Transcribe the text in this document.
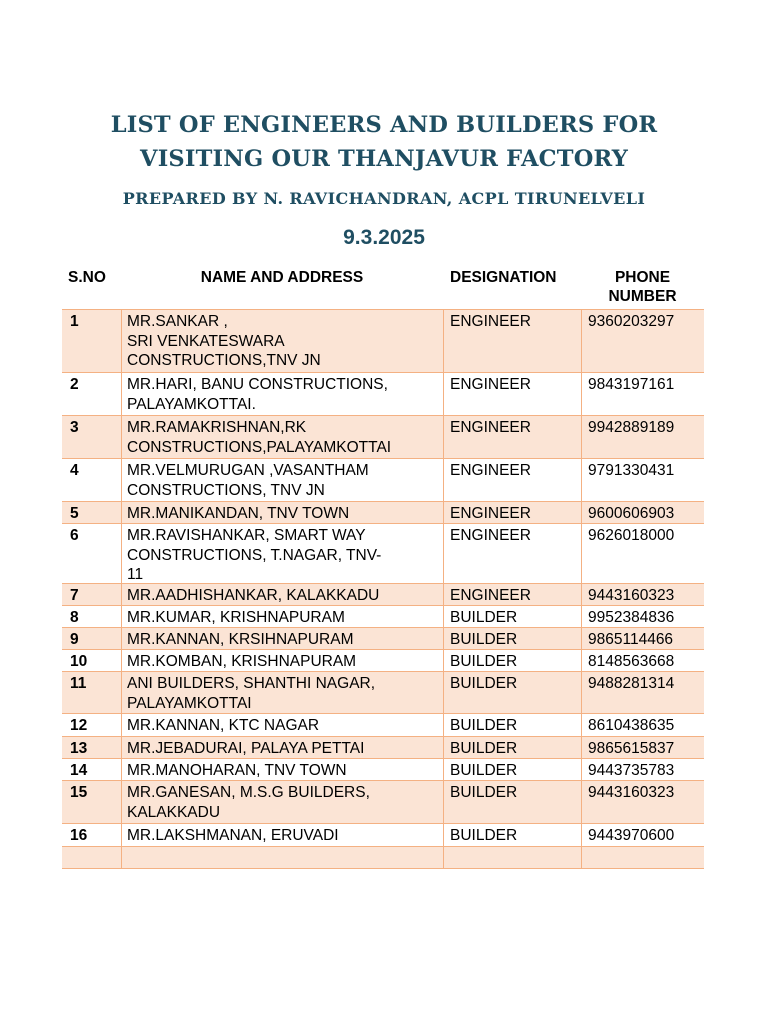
LIST OF ENGINEERS AND BUILDERS FOR
VISITING OUR THANJAVUR FACTORY
PREPARED BY N. RAVICHANDRAN, ACPL TIRUNELVELI
9.3.2025
S.NO	NAME AND ADDRESS	DESIGNATION	PHONE
NUMBER
1	MR.SANKAR ,
SRI VENKATESWARA
CONSTRUCTIONS,TNV JN
ENGINEER	9360203297
2	MR.HARI, BANU CONSTRUCTIONS,
PALAYAMKOTTAI.
ENGINEER	9843197161
3	MR.RAMAKRISHNAN,RK
CONSTRUCTIONS,PALAYAMKOTTAI
ENGINEER	9942889189
4	MR.VELMURUGAN ,VASANTHAM
CONSTRUCTIONS, TNV JN
ENGINEER	9791330431
5	MR.MANIKANDAN, TNV TOWN	ENGINEER	9600606903
6	MR.RAVISHANKAR, SMART WAY
CONSTRUCTIONS, T.NAGAR, TNV-
11
ENGINEER	9626018000
7	MR.AADHISHANKAR, KALAKKADU	ENGINEER	9443160323
8	MR.KUMAR, KRISHNAPURAM	BUILDER	9952384836
9	MR.KANNAN, KRSIHNAPURAM	BUILDER	9865114466
10	MR.KOMBAN, KRISHNAPURAM	BUILDER	8148563668
11	ANI BUILDERS, SHANTHI NAGAR,
PALAYAMKOTTAI
BUILDER	9488281314
12	MR.KANNAN, KTC NAGAR	BUILDER	8610438635
13	MR.JEBADURAI, PALAYA PETTAI	BUILDER	9865615837
14	MR.MANOHARAN, TNV TOWN	BUILDER	9443735783
15	MR.GANESAN, M.S.G BUILDERS,
KALAKKADU
BUILDER	9443160323
16	MR.LAKSHMANAN, ERUVADI	BUILDER	9443970600
